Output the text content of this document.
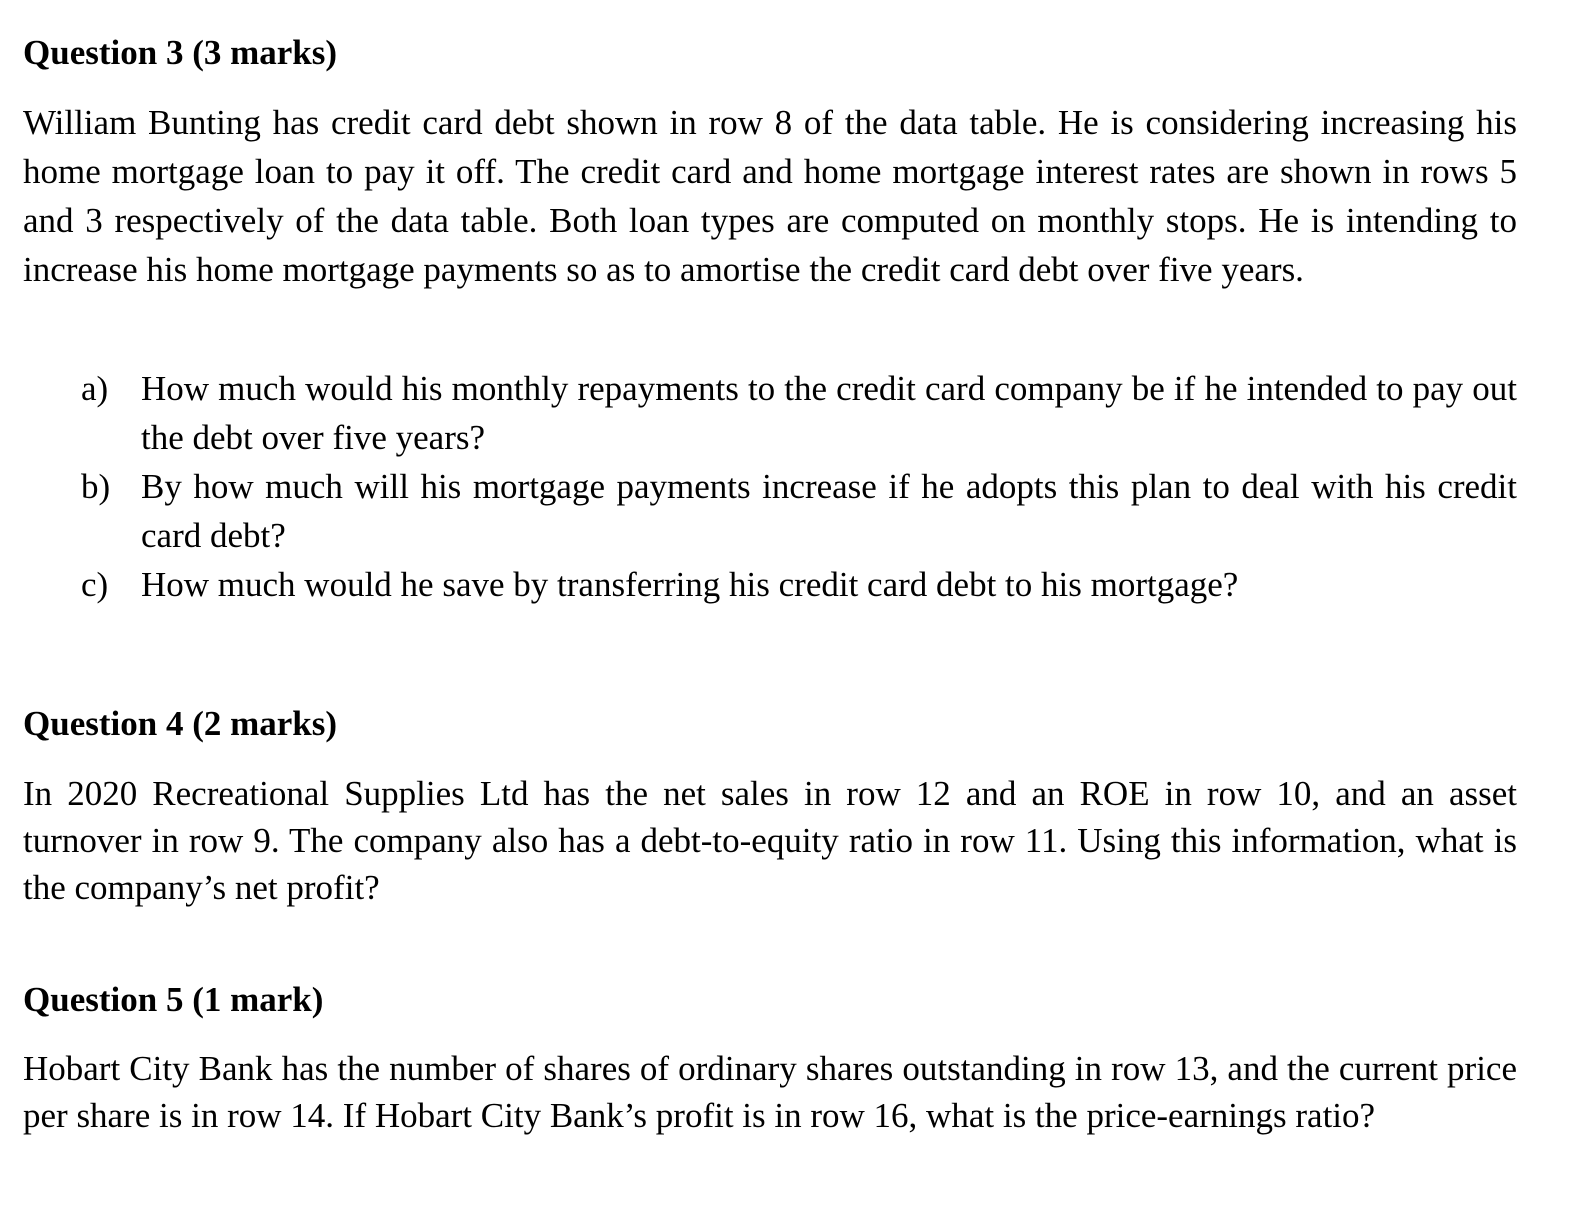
Question 3 (3 marks)
William Bunting has credit card debt shown in row 8 of the data table. He is considering increasing his home mortgage loan to pay it off. The credit card and home mortgage interest rates are shown in rows 5 and 3 respectively of the data table. Both loan types are computed on monthly stops. He is intending to increase his home mortgage payments so as to amortise the credit card debt over five years.
a) How much would his monthly repayments to the credit card company be if he intended to pay out the debt over five years?
b) By how much will his mortgage payments increase if he adopts this plan to deal with his credit card debt?
c) How much would he save by transferring his credit card debt to his mortgage?
Question 4 (2 marks)
In 2020 Recreational Supplies Ltd has the net sales in row 12 and an ROE in row 10, and an asset turnover in row 9. The company also has a debt-to-equity ratio in row 11. Using this information, what is the company’s net profit?
Question 5 (1 mark)
Hobart City Bank has the number of shares of ordinary shares outstanding in row 13, and the current price per share is in row 14. If Hobart City Bank’s profit is in row 16, what is the price-earnings ratio?
